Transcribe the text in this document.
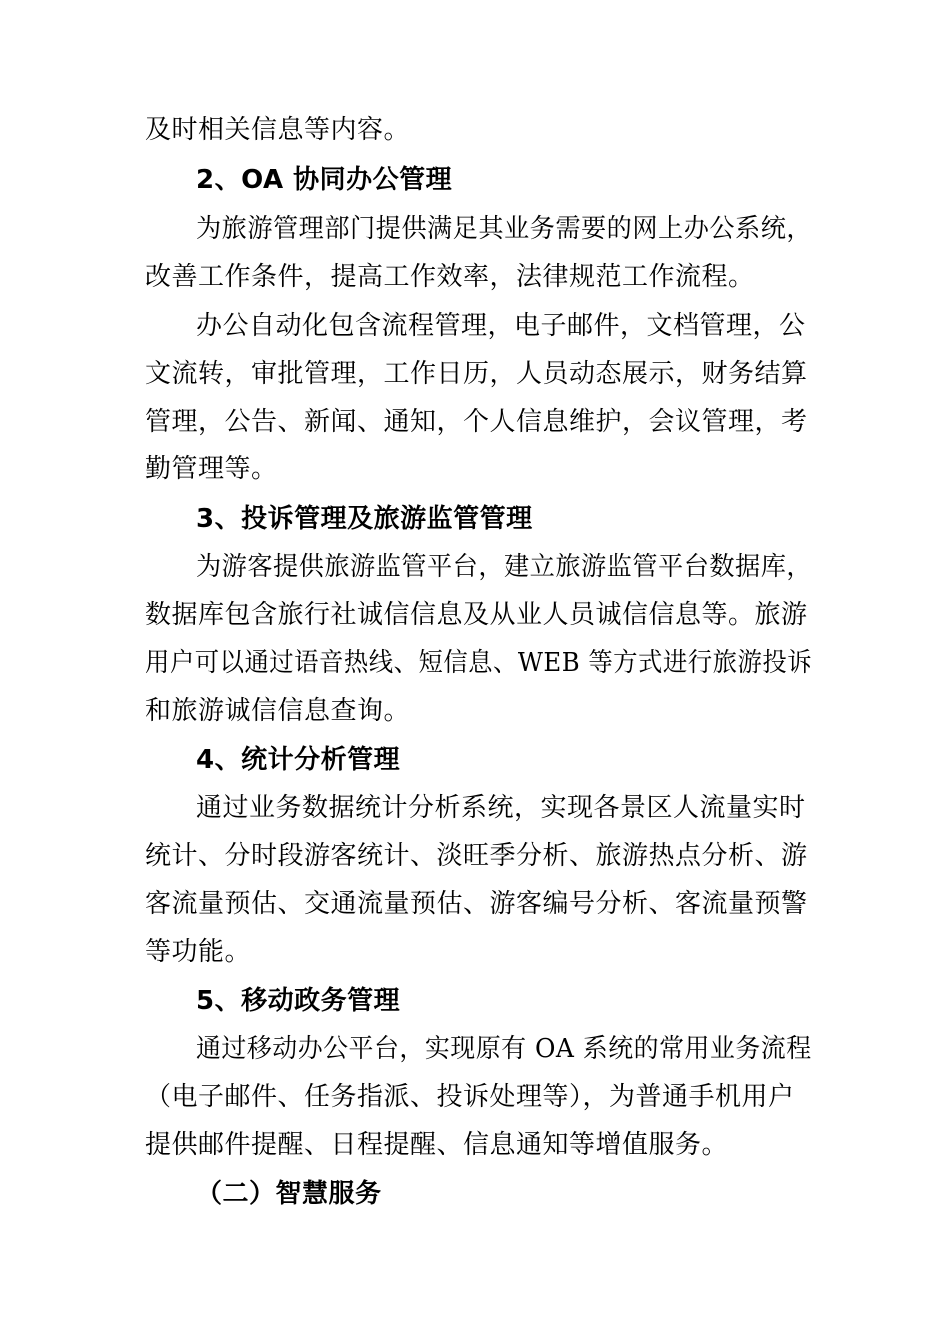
及时相关信息等内容。

2、OA 协同办公管理

为旅游管理部门提供满足其业务需要的网上办公系统，

改善工作条件，提高工作效率，法律规范工作流程。

办公自动化包含流程管理，电子邮件，文档管理，公

文流转，审批管理，工作日历，人员动态展示，财务结算

管理，公告、新闻、通知，个人信息维护，会议管理，考

勤管理等。

3、投诉管理及旅游监管管理

为游客提供旅游监管平台，建立旅游监管平台数据库，

数据库包含旅行社诚信信息及从业人员诚信信息等。旅游

用户可以通过语音热线、短信息、WEB 等方式进行旅游投诉

和旅游诚信信息查询。

4、统计分析管理

通过业务数据统计分析系统，实现各景区人流量实时

统计、分时段游客统计、淡旺季分析、旅游热点分析、游

客流量预估、交通流量预估、游客编号分析、客流量预警

等功能。

5、移动政务管理

通过移动办公平台，实现原有 OA 系统的常用业务流程

（电子邮件、任务指派、投诉处理等），为普通手机用户

提供邮件提醒、日程提醒、信息通知等增值服务。

（二）智慧服务
